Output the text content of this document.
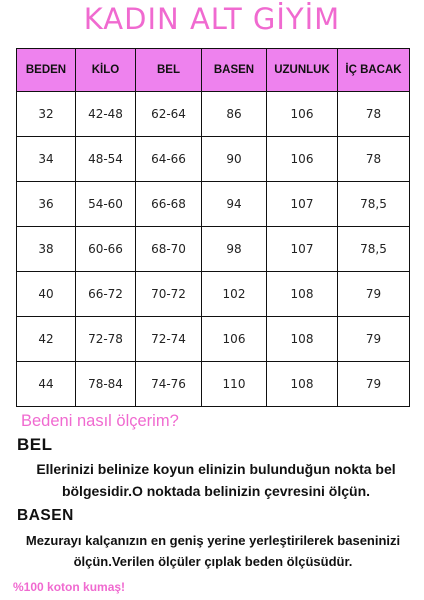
KADIN ALT GİYİM
BEDEN	KİLO	BEL	BASEN	UZUNLUK	İÇ BACAK
32	42-48	62-64	86	106	78
34	48-54	64-66	90	106	78
36	54-60	66-68	94	107	78,5
38	60-66	68-70	98	107	78,5
40	66-72	70-72	102	108	79
42	72-78	72-74	106	108	79
44	78-84	74-76	110	108	79
Bedeni nasıl ölçerim?
BEL
Ellerinizi belinize koyun elinizin bulunduğun nokta bel bölgesidir.O noktada belinizin çevresini ölçün.
BASEN
Mezurayı kalçanızın en geniş yerine yerleştirilerek baseninizi ölçün.Verilen ölçüler çıplak beden ölçüsüdür.
%100 koton kumaş!
